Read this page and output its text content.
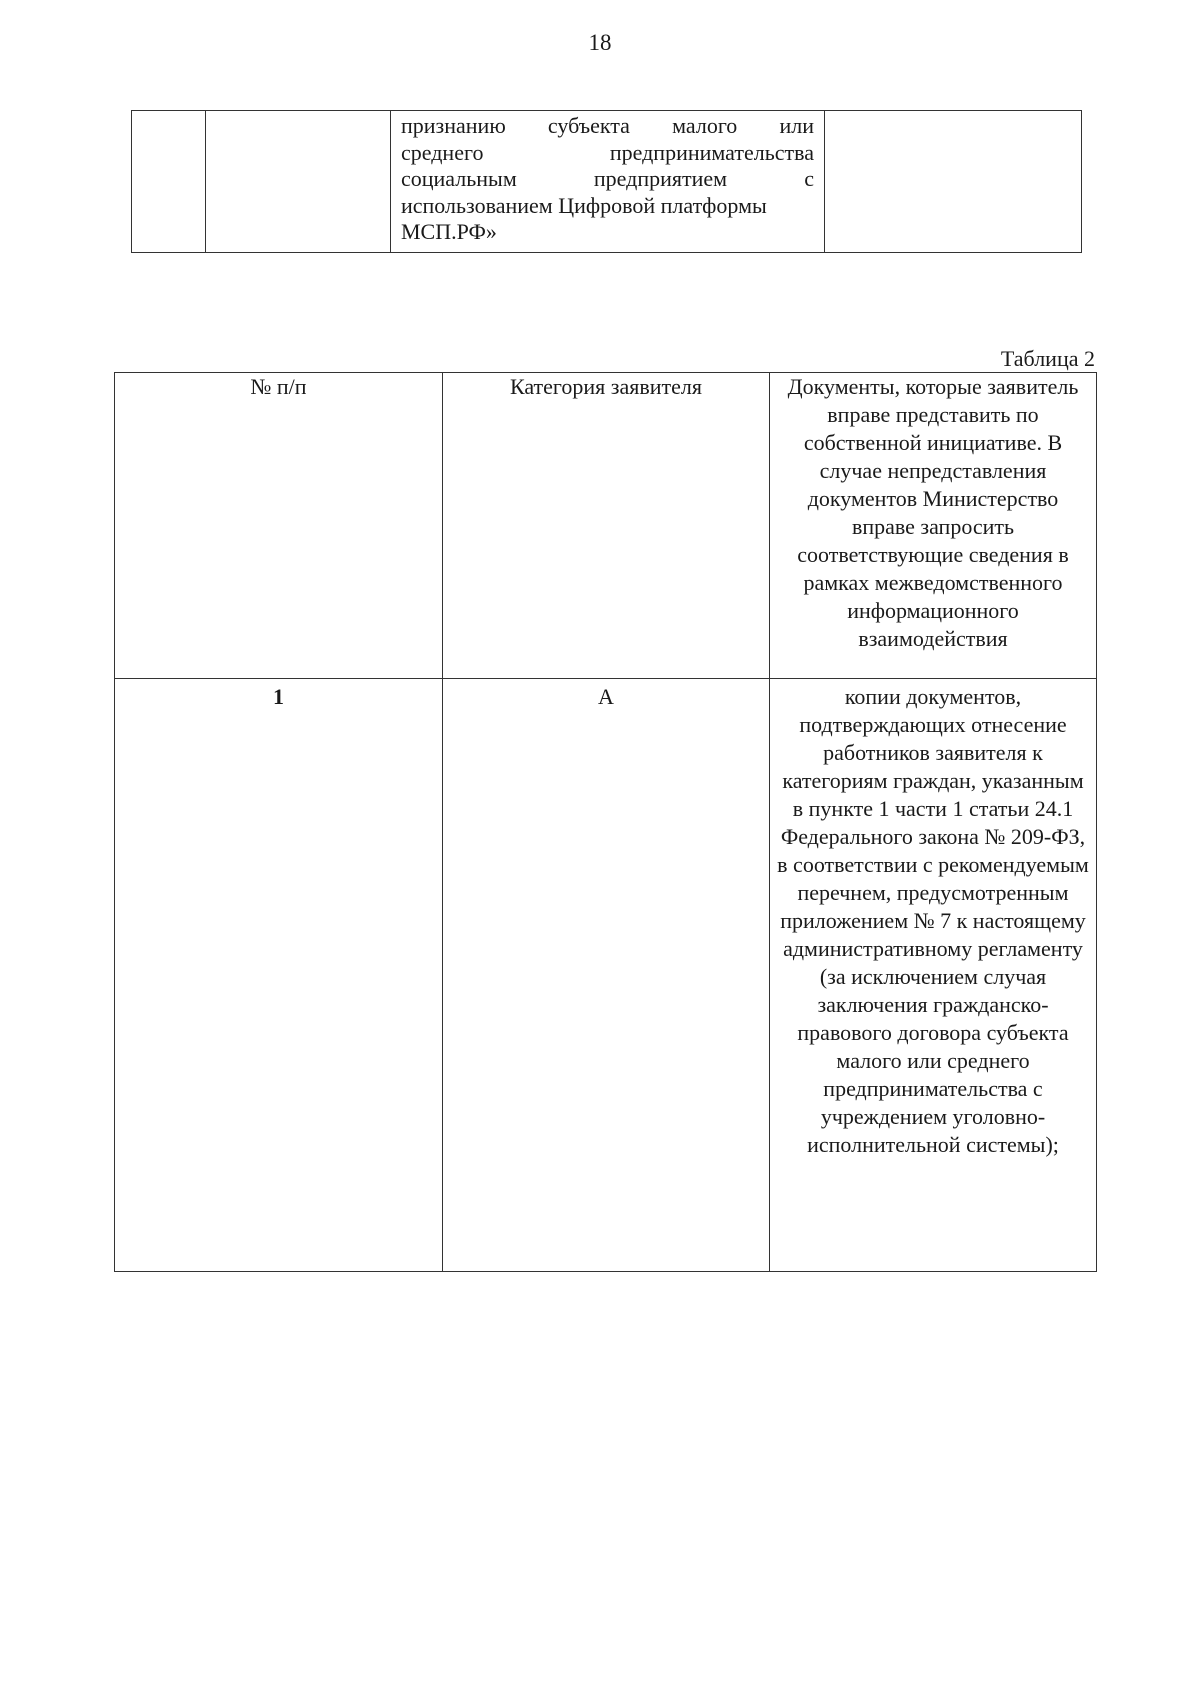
18

признанию субъекта малого или
среднего предпринимательства
социальным предприятием с
использованием Цифровой платформы
МСП.РФ»

Таблица 2
№ п/п	Категория заявителя	Документы, которые заявитель вправе представить по собственной инициативе. В случае непредставления документов Министерство вправе запросить соответствующие сведения в рамках межведомственного информационного взаимодействия
1	А	копии документов, подтверждающих отнесение работников заявителя к категориям граждан, указанным в пункте 1 части 1 статьи 24.1 Федерального закона № 209-ФЗ, в соответствии с рекомендуемым перечнем, предусмотренным приложением № 7 к настоящему административному регламенту (за исключением случая заключения гражданско-правового договора субъекта малого или среднего предпринимательства с учреждением уголовно-исполнительной системы);
